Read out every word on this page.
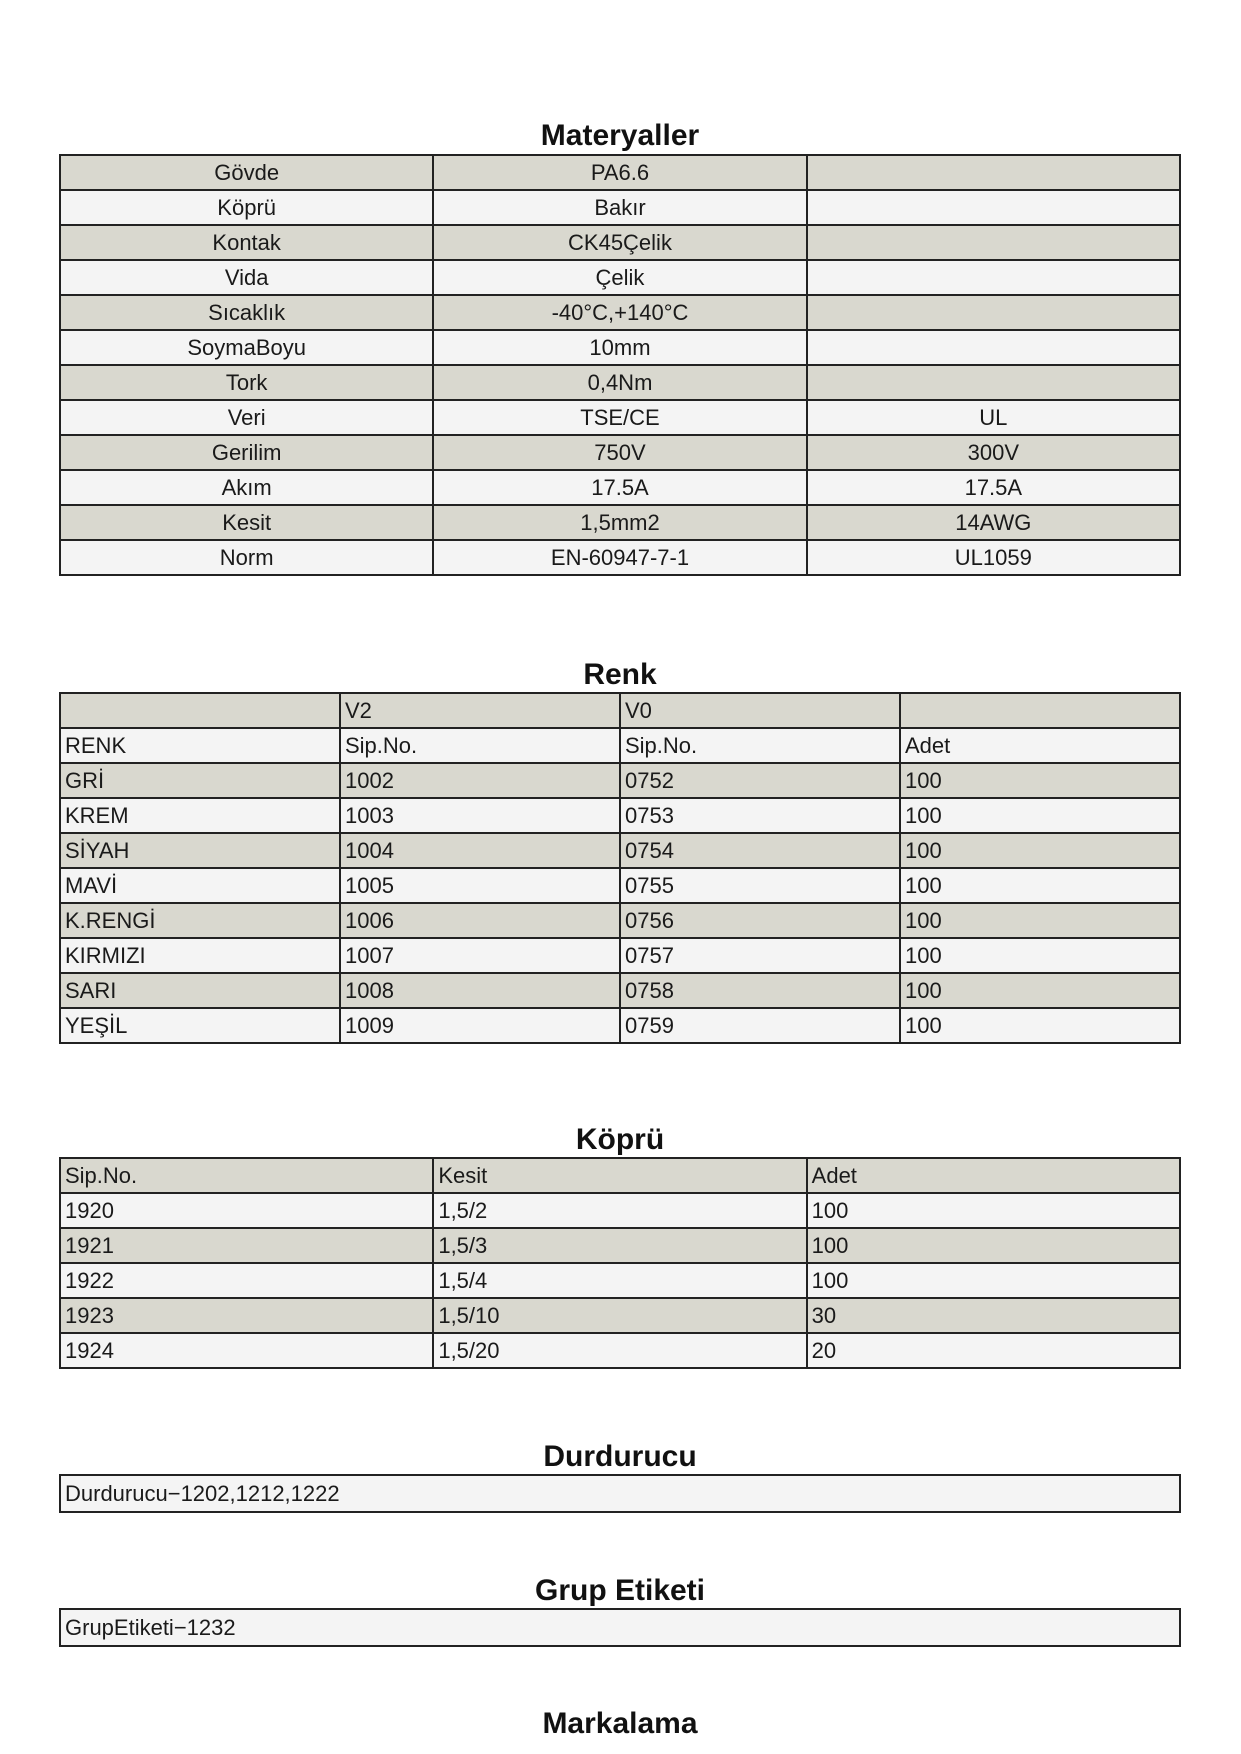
Materyaller
Gövde	PA6.6	
Köprü	Bakır	
Kontak	CK45Çelik	
Vida	Çelik	
Sıcaklık	-40°C,+140°C	
SoymaBoyu	10mm	
Tork	0,4Nm	
Veri	TSE/CE	UL
Gerilim	750V	300V
Akım	17.5A	17.5A
Kesit	1,5mm2	14AWG
Norm	EN-60947-7-1	UL1059
Renk
	V2	V0	
RENK	Sip.No.	Sip.No.	Adet
GRİ	1002	0752	100
KREM	1003	0753	100
SİYAH	1004	0754	100
MAVİ	1005	0755	100
K.RENGİ	1006	0756	100
KIRMIZI	1007	0757	100
SARI	1008	0758	100
YEŞİL	1009	0759	100
Köprü
Sip.No.	Kesit	Adet
1920	1,5/2	100
1921	1,5/3	100
1922	1,5/4	100
1923	1,5/10	30
1924	1,5/20	20
Durdurucu
Durdurucu−1202,1212,1222
Grup Etiketi
GrupEtiketi−1232
Markalama
